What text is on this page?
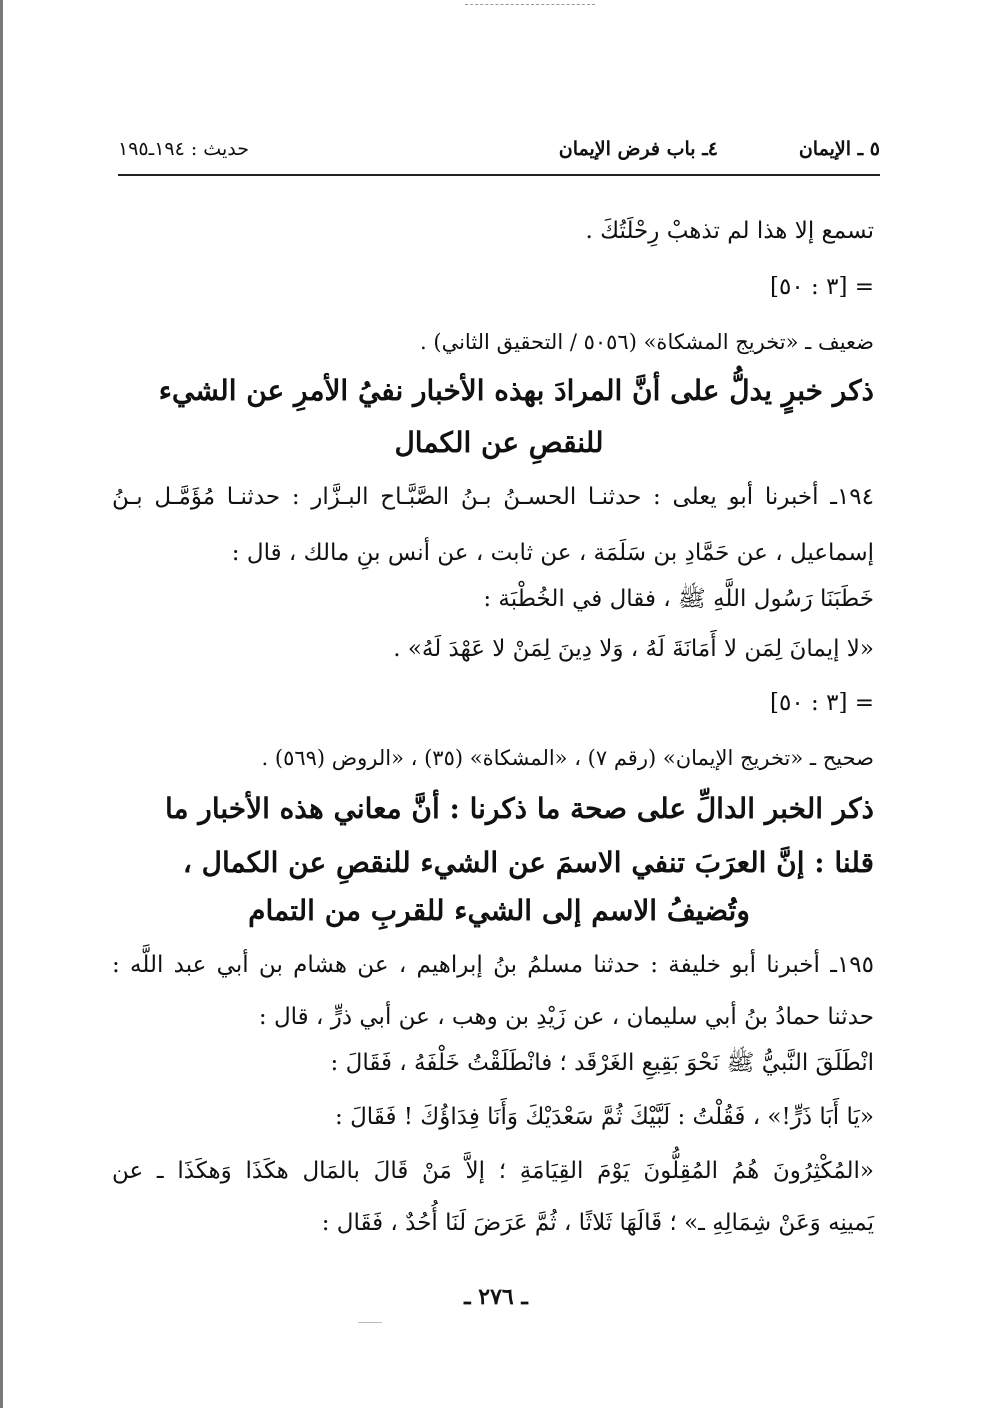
٥ ـ الإيمان
٤ـ باب فرض الإيمان
حديث : ١٩٤ـ١٩٥
تسمع إلا هذا لم تذهبْ رِحْلَتُكَ .
= [٣ : ٥٠]
ضعيف ـ «تخريج المشكاة» (٥٠٥٦ / التحقيق الثاني) .
ذكر خبرٍ يدلُّ على أنَّ المرادَ بهذه الأخبار نفيُ الأمرِ عن الشيء
للنقصِ عن الكمال
١٩٤ـ أخبرنا أبو يعلى : حدثنـا الحسـنُ بـنُ الصَّبَّـاح البـزَّار : حدثنـا مُؤَمَّـل بـنُ
إسماعيل ، عن حَمَّادِ بن سَلَمَة ، عن ثابت ، عن أنس بنِ مالك ، قال :
خَطَبَنَا رَسُول اللَّهِ ﷺ ، فقال في الخُطْبَة :
«لا إيمانَ لِمَن لا أَمَانَةَ لَهُ ، وَلا دِينَ لِمَنْ لا عَهْدَ لَهُ» .
= [٣ : ٥٠]
صحيح ـ «تخريج الإيمان» (رقم ٧) ، «المشكاة» (٣٥) ، «الروض (٥٦٩) .
ذكر الخبر الدالِّ على صحة ما ذكرنا : أنَّ معاني هذه الأخبار ما
قلنا : إنَّ العرَبَ تنفي الاسمَ عن الشيء للنقصِ عن الكمال ،
وتُضيفُ الاسم إلى الشيء للقربِ من التمام
١٩٥ـ أخبرنا أبو خليفة : حدثنا مسلمُ بنُ إبراهيم ، عن هشام بن أبي عبد اللَّه :
حدثنا حمادُ بنُ أبي سليمان ، عن زَيْدِ بن وهب ، عن أبي ذرٍّ ، قال :
انْطَلَقَ النَّبيُّ ﷺ نَحْوَ بَقِيعِ الغَرْقَد ؛ فانْطَلَقْتُ خَلْفَهُ ، فَقَالَ :
«يَا أَبَا ذَرٍّ!» ، فَقُلْتُ : لَبَّيْكَ ثُمَّ سَعْدَيْكَ وَأَنَا فِدَاؤُكَ ! فَقَالَ :
«المُكْثِرُونَ هُمُ المُقِلُّونَ يَوْمَ القِيَامَةِ ؛ إلاَّ مَنْ قَالَ بالمَال هكَذَا وَهكَذَا ـ عن
يَمينِه وَعَنْ شِمَالِهِ ـ» ؛ قَالَهَا ثَلاثًا ، ثُمَّ عَرَضَ لَنَا أُحُدٌ ، فَقَال :
ـ ٢٧٦ ـ
